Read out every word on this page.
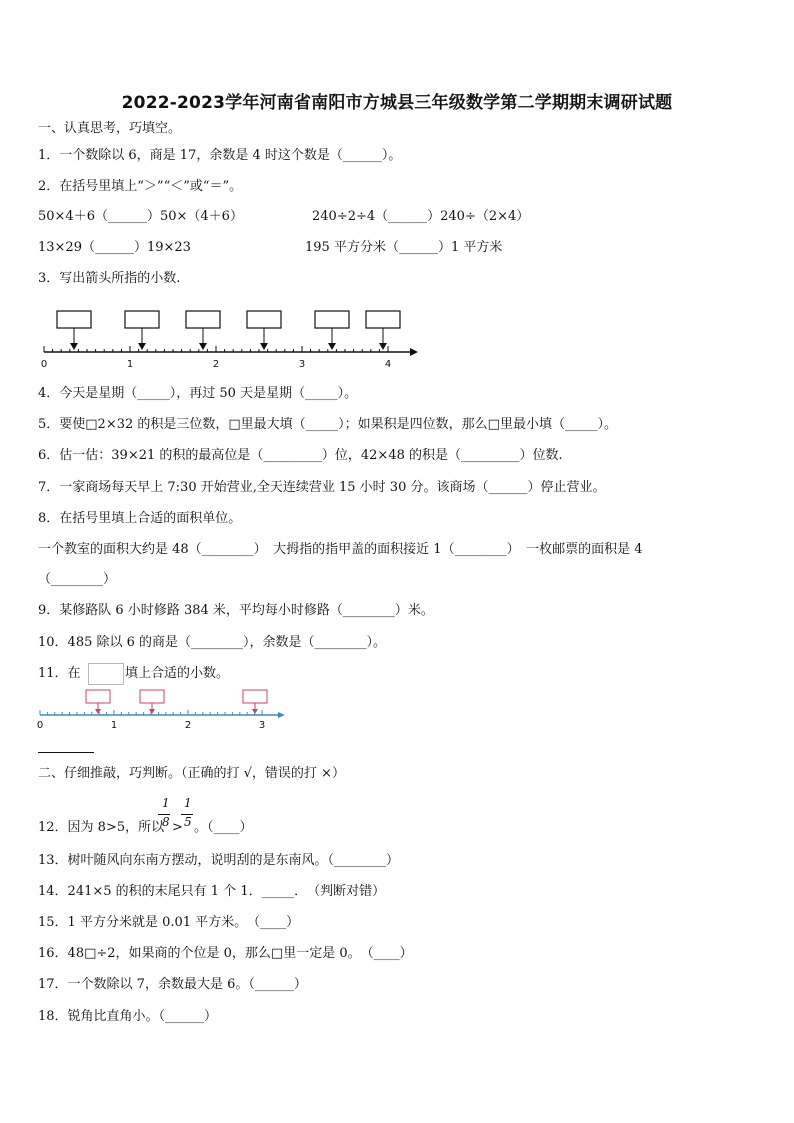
2022-2023学年河南省南阳市方城县三年级数学第二学期期末调研试题
一、认真思考，巧填空。
1．一个数除以 6，商是 17，余数是 4 时这个数是（______）。
2．在括号里填上“＞”“＜”或“＝”。
50×4＋6（______）50×（4＋6）	240÷2÷4（______）240÷（2×4）
13×29（______）19×23	195 平方分米（______）1 平方米
3．写出箭头所指的小数.
0	1	2	3	4
4．今天是星期（_____），再过 50 天是星期（_____）。
5．要使□2×32 的积是三位数，□里最大填（_____）；如果积是四位数，那么□里最小填（_____）。
6．估一估：39×21 的积的最高位是（_________）位，42×48 的积是（_________）位数.
7．一家商场每天早上 7:30 开始营业,全天连续营业 15 小时 30 分。该商场（______）停止营业。
8．在括号里填上合适的面积单位。
一个教室的面积大约是 48（________）　大拇指的指甲盖的面积接近 1（________）　一枚邮票的面积是 4
（________）
9．某修路队 6 小时修路 384 米，平均每小时修路（________）米。
10．485 除以 6 的商是（________），余数是（________）。
11．在	填上合适的小数。
0	1	2	3
二、仔细推敲，巧判断。（正确的打 √，错误的打 ×）
12．因为 8>5，所以
1
8 >
1
5 。（____）
13．树叶随风向东南方摆动，说明刮的是东南风。（________）
14．241×5 的积的末尾只有 1 个 1．_____．　（判断对错）
15．1 平方分米就是 0.01 平方米。　（____）
16．48□÷2，如果商的个位是 0，那么□里一定是 0。　（____）
17．一个数除以 7，余数最大是 6。（______）
18．锐角比直角小。（______）
